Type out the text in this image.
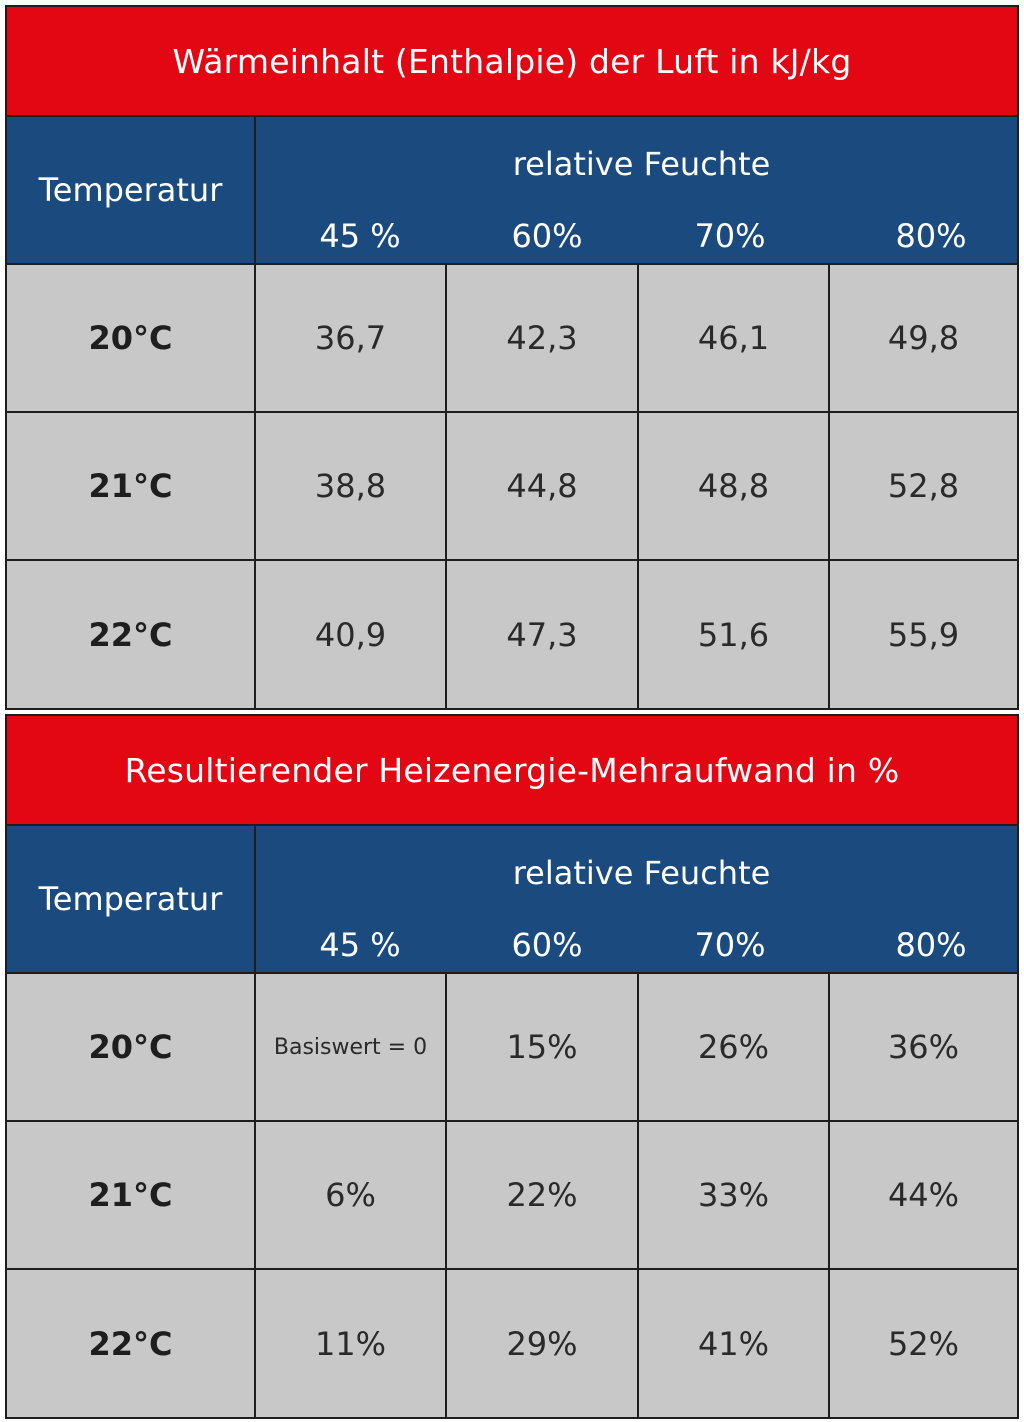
Wärmeinhalt (Enthalpie) der Luft in kJ/kg
Temperatur
relative Feuchte
45 %	60%	70%	80%
20°C	36,7	42,3	46,1	49,8
21°C	38,8	44,8	48,8	52,8
22°C	40,9	47,3	51,6	55,9
Resultierender Heizenergie-Mehraufwand in %
Temperatur
relative Feuchte
45 %	60%	70%	80%
20°C	Basiswert = 0	15%	26%	36%
21°C	6%	22%	33%	44%
22°C	11%	29%	41%	52%
